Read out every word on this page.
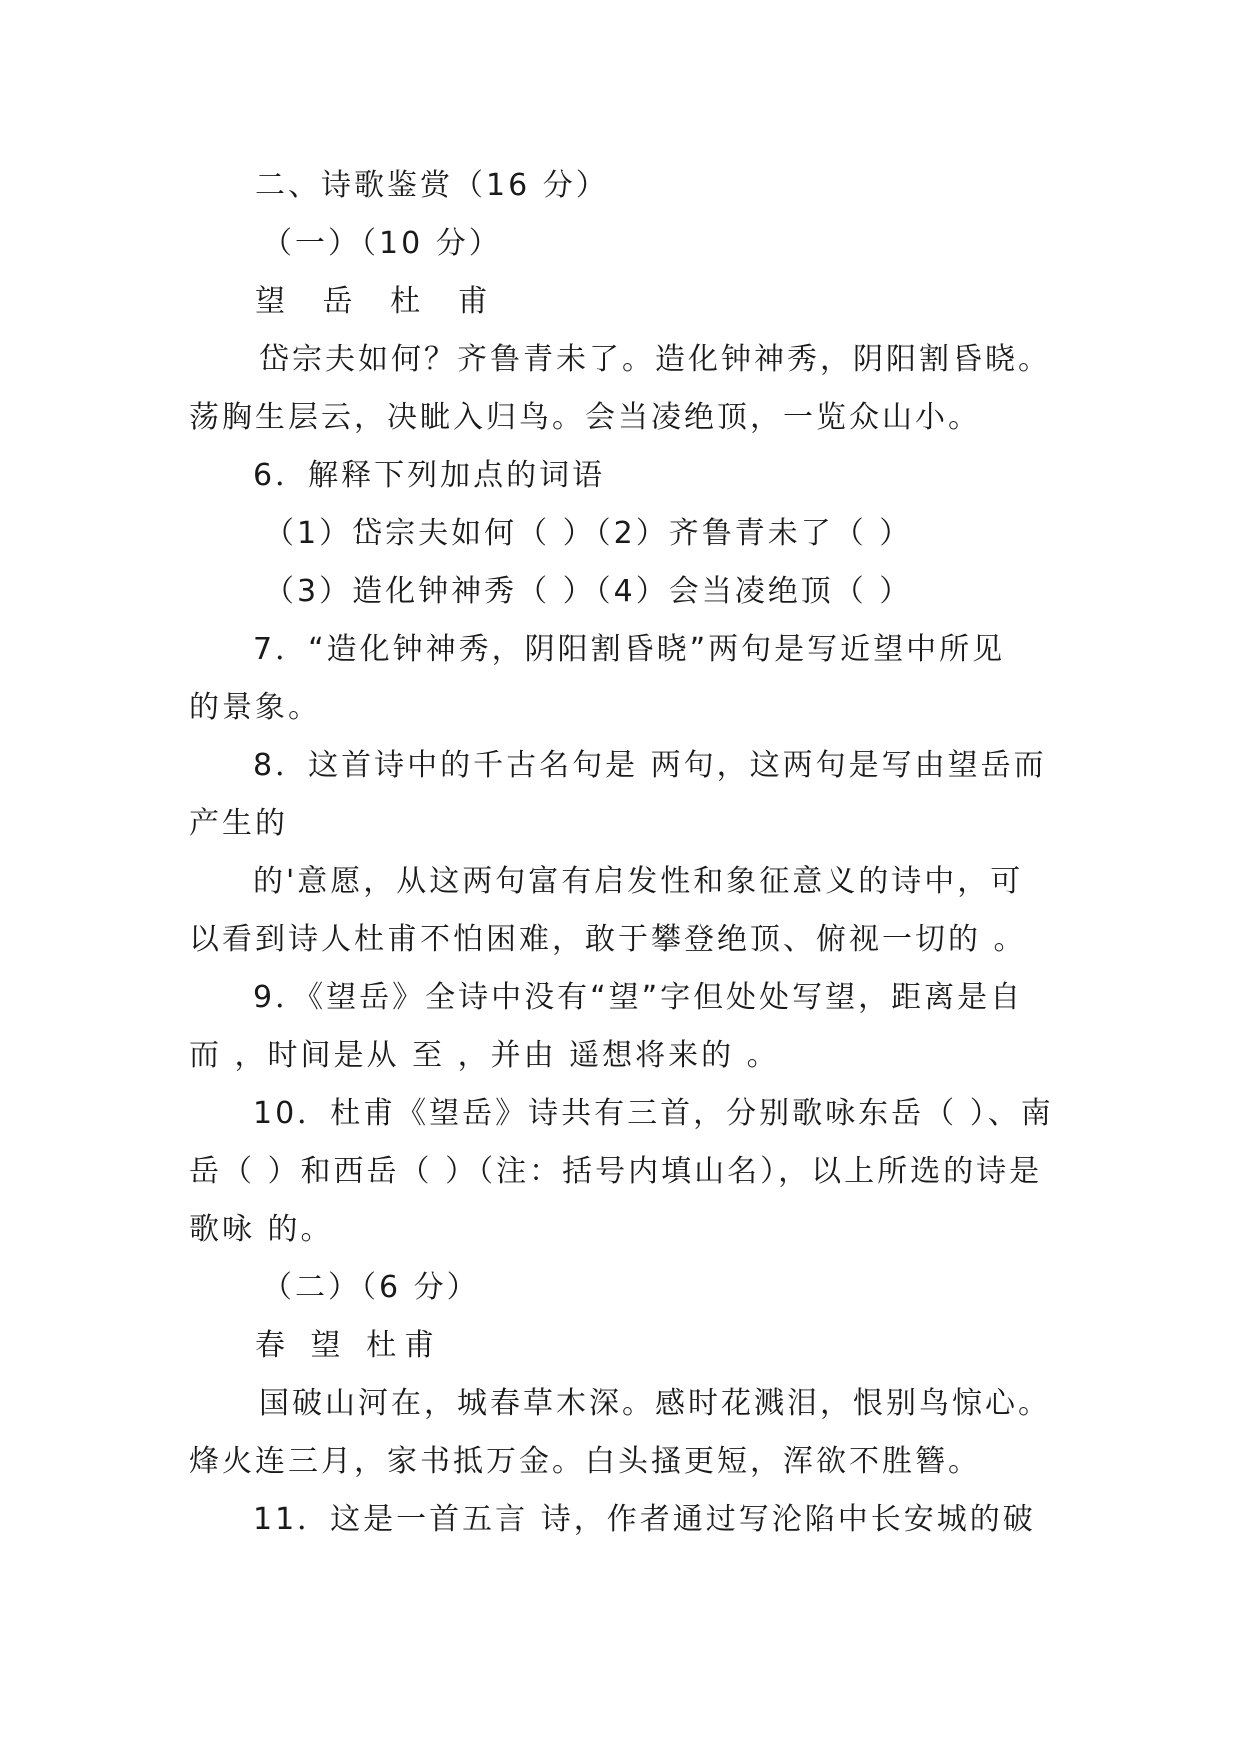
二、诗歌鉴赏（16 分）

（一）（10 分）

望 岳 杜 甫

岱宗夫如何？齐鲁青未了。造化钟神秀，阴阳割昏晓。

荡胸生层云，决眦入归鸟。会当凌绝顶，一览众山小。

6．解释下列加点的词语

（1）岱宗夫如何（ ）（2）齐鲁青未了（ ）

（3）造化钟神秀（ ）（4）会当凌绝顶（ ）

7．“造化钟神秀，阴阳割昏晓”两句是写近望中所见

的景象。

8．这首诗中的千古名句是 两句，这两句是写由望岳而

产生的

的'意愿，从这两句富有启发性和象征意义的诗中，可

以看到诗人杜甫不怕困难，敢于攀登绝顶、俯视一切的 。

9．《望岳》全诗中没有“望”字但处处写望，距离是自

而 ，时间是从 至 ，并由 遥想将来的 。

10．杜甫《望岳》诗共有三首，分别歌咏东岳（ ）、南

岳（ ）和西岳（ ）（注：括号内填山名），以上所选的诗是

歌咏 的。

（二）（6 分）

春 望 杜甫

国破山河在，城春草木深。感时花溅泪，恨别鸟惊心。

烽火连三月，家书抵万金。白头搔更短，浑欲不胜簪。

11．这是一首五言 诗，作者通过写沦陷中长安城的破
